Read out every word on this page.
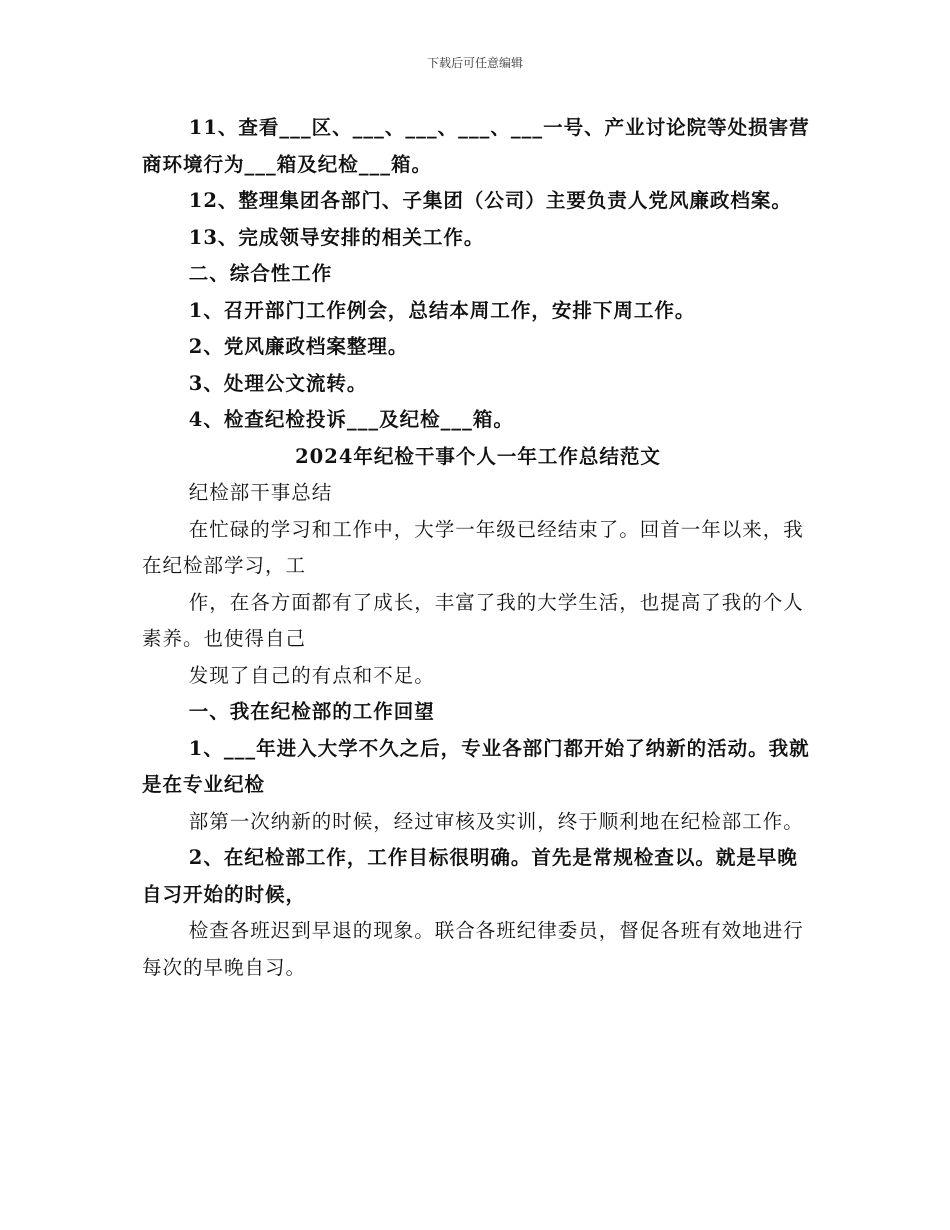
下载后可任意编辑

11、查看___区、___、___、___、___一号、产业讨论院等处损害营商环境行为___箱及纪检___箱。

12、整理集团各部门、子集团（公司）主要负责人党风廉政档案。

13、完成领导安排的相关工作。

二、综合性工作

1、召开部门工作例会，总结本周工作，安排下周工作。

2、党风廉政档案整理。

3、处理公文流转。

4、检查纪检投诉___及纪检___箱。

2024年纪检干事个人一年工作总结范文

纪检部干事总结

在忙碌的学习和工作中，大学一年级已经结束了。回首一年以来，我在纪检部学习，工

作，在各方面都有了成长，丰富了我的大学生活，也提高了我的个人素养。也使得自己

发现了自己的有点和不足。

一、我在纪检部的工作回望

1、___年进入大学不久之后，专业各部门都开始了纳新的活动。我就是在专业纪检

部第一次纳新的时候，经过审核及实训，终于顺利地在纪检部工作。

2、在纪检部工作，工作目标很明确。首先是常规检查以。就是早晚自习开始的时候，

检查各班迟到早退的现象。联合各班纪律委员，督促各班有效地进行每次的早晚自习。
